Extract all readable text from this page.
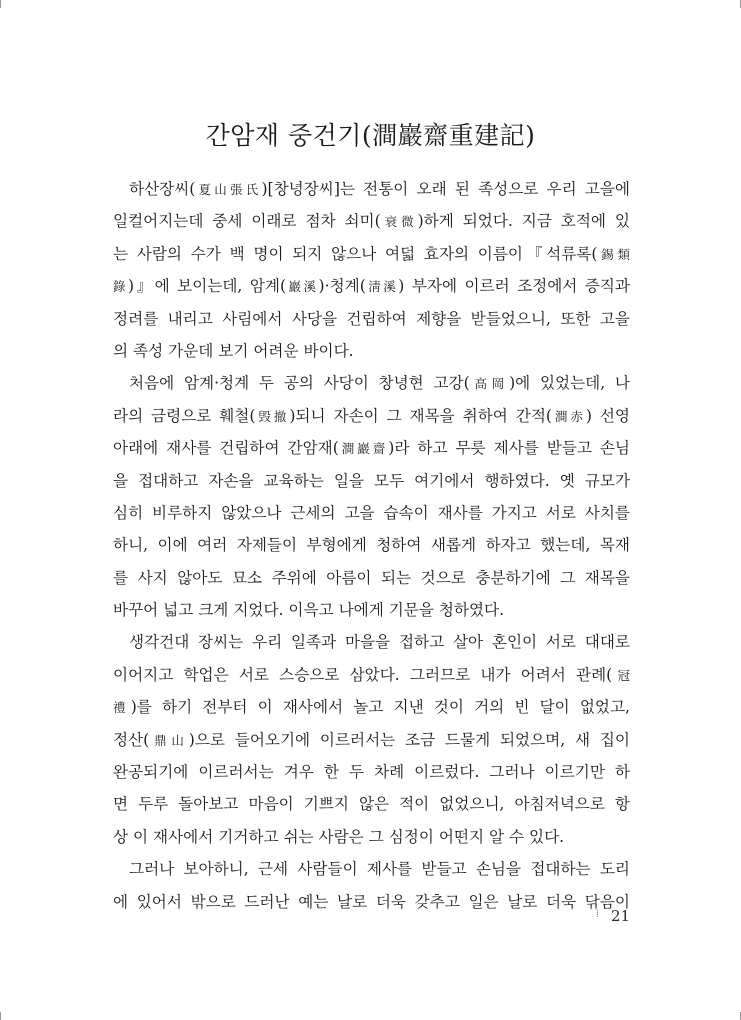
간암재 중건기(澗巖齋重建記)
하산장씨(夏山張氏)[창녕장씨]는 전통이 오래 된 족성으로 우리 고을에
일컬어지는데 중세 이래로 점차 쇠미(衰微)하게 되었다. 지금 호적에 있
는 사람의 수가 백 명이 되지 않으나 여덟 효자의 이름이『석류록(錫類
錄)』에 보이는데, 암계(巖溪)·청계(淸溪) 부자에 이르러 조정에서 증직과
정려를 내리고 사림에서 사당을 건립하여 제향을 받들었으니, 또한 고을
의 족성 가운데 보기 어려운 바이다.
처음에 암계·청계 두 공의 사당이 창녕현 고강(高岡)에 있었는데, 나
라의 금령으로 훼철(毁撤)되니 자손이 그 재목을 취하여 간적(澗赤) 선영
아래에 재사를 건립하여 간암재(澗巖齋)라 하고 무릇 제사를 받들고 손님
을 접대하고 자손을 교육하는 일을 모두 여기에서 행하였다. 옛 규모가
심히 비루하지 않았으나 근세의 고을 습속이 재사를 가지고 서로 사치를
하니, 이에 여러 자제들이 부형에게 청하여 새롭게 하자고 했는데, 목재
를 사지 않아도 묘소 주위에 아름이 되는 것으로 충분하기에 그 재목을
바꾸어 넓고 크게 지었다. 이윽고 나에게 기문을 청하였다.
생각건대 장씨는 우리 일족과 마을을 접하고 살아 혼인이 서로 대대로
이어지고 학업은 서로 스승으로 삼았다. 그러므로 내가 어려서 관례(冠
禮)를 하기 전부터 이 재사에서 놀고 지낸 것이 거의 빈 달이 없었고,
정산(鼎山)으로 들어오기에 이르러서는 조금 드물게 되었으며, 새 집이
완공되기에 이르러서는 겨우 한 두 차례 이르렀다. 그러나 이르기만 하
면 두루 돌아보고 마음이 기쁘지 않은 적이 없었으니, 아침저녁으로 항
상 이 재사에서 기거하고 쉬는 사람은 그 심정이 어떤지 알 수 있다.
그러나 보아하니, 근세 사람들이 제사를 받들고 손님을 접대하는 도리
에 있어서 밖으로 드러난 예는 날로 더욱 갖추고 일은 날로 더욱 닦음이
⁞ 21
